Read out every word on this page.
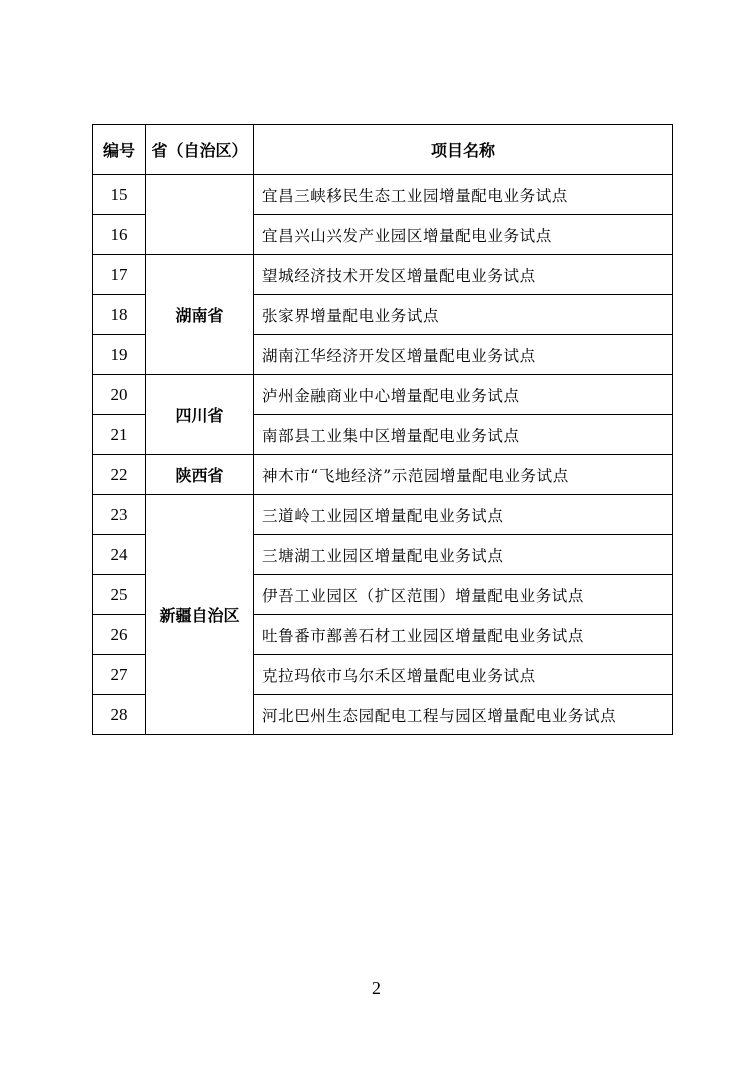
编号	省（自治区）	项目名称
15		宜昌三峡移民生态工业园增量配电业务试点
16		宜昌兴山兴发产业园区增量配电业务试点
17	湖南省	望城经济技术开发区增量配电业务试点
18		张家界增量配电业务试点
19		湖南江华经济开发区增量配电业务试点
20	四川省	泸州金融商业中心增量配电业务试点
21		南部县工业集中区增量配电业务试点
22	陕西省	神木市“飞地经济”示范园增量配电业务试点
23	新疆自治区	三道岭工业园区增量配电业务试点
24		三塘湖工业园区增量配电业务试点
25		伊吾工业园区（扩区范围）增量配电业务试点
26		吐鲁番市鄯善石材工业园区增量配电业务试点
27		克拉玛依市乌尔禾区增量配电业务试点
28		河北巴州生态园配电工程与园区增量配电业务试点
2
